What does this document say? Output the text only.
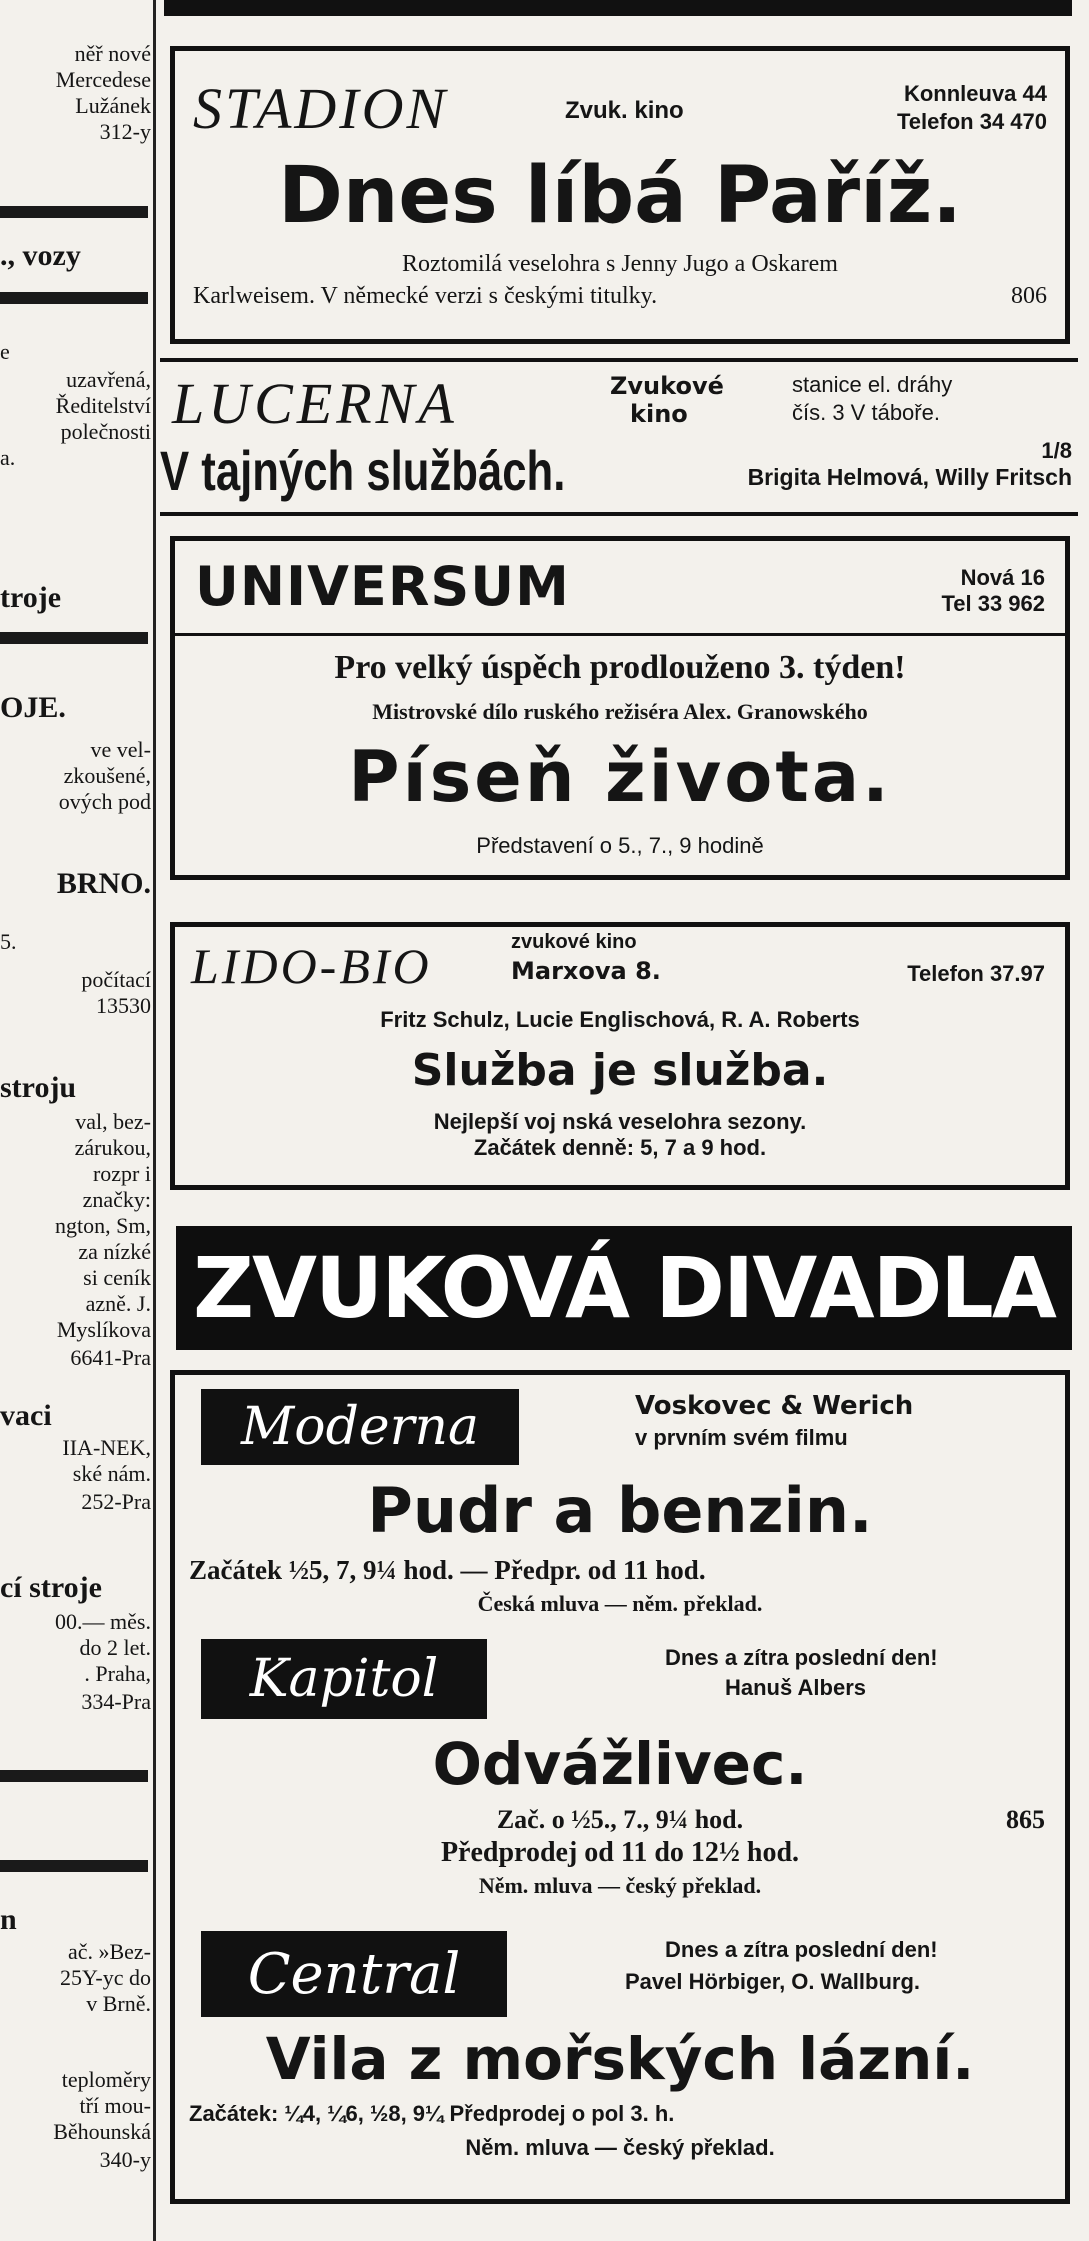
něř nové
Mercedese
Lužánek
312-y
., vozy
e
uzavřená,
Ředitelství
polečnosti
a.
troje
OJE.
ve vel-
zkoušené,
ových pod
BRNO.
5.
počítací
13530
stroju
val, bez-
zárukou,
rozpr i
značky:
ngton, Sm,
za nízké
si ceník
azně. J.
Myslíkova
6641-Pra
vaci
IIA-NEK,
ské nám.
252-Pra
cí stroje
00.— měs.
do 2 let.
. Praha,
334-Pra
n
ač. »Bez-
25Y-yc do
v Brně.
teploměry
tří mou-
Běhounská
340-y
STADION	Zvuk. kino
Konnleuva 44
Telefon 34 470
Dnes líbá Paříž.
Roztomilá veselohra s Jenny Jugo a Oskarem
Karlweisem. V německé verzi s českými titulky.	806
LUCERNA	Zvukové
kino
stanice el. dráhy
čís. 3 V táboře.
V tajných službách.	1/8
Brigita Helmová, Willy Fritsch
UNIVERSUM	Nová 16
Tel 33 962
Pro velký úspěch prodlouženo 3. týden!
Mistrovské dílo ruského režiséra Alex. Granowského
Píseň života.
Představení o 5., 7., 9 hodině
LIDO-BIO	zvukové kino
Marxova 8.	Telefon 37.97
Fritz Schulz, Lucie Englischová, R. A. Roberts
Služba je služba.
Nejlepší voj nská veselohra sezony.
Začátek denně: 5, 7 a 9 hod.
ZVUKOVÁ DIVADLA
Moderna	Voskovec & Werich
v prvním svém filmu
Pudr a benzin.
Začátek ½5, 7, 9¼ hod. — Předpr. od 11 hod.
Česká mluva — něm. překlad.
Kapitol	Dnes a zítra poslední den!
Hanuš Albers
Odvážlivec.
Zač. o ½5., 7., 9¼ hod.	865
Předprodej od 11 do 12½ hod.
Něm. mluva — český překlad.
Central	Dnes a zítra poslední den!
Pavel Hörbiger, O. Wallburg.
Vila z mořských lázní.
Začátek: ¼4, ¼6, ½8, 9¼ Předprodej o pol 3. h.
Něm. mluva — český překlad.
